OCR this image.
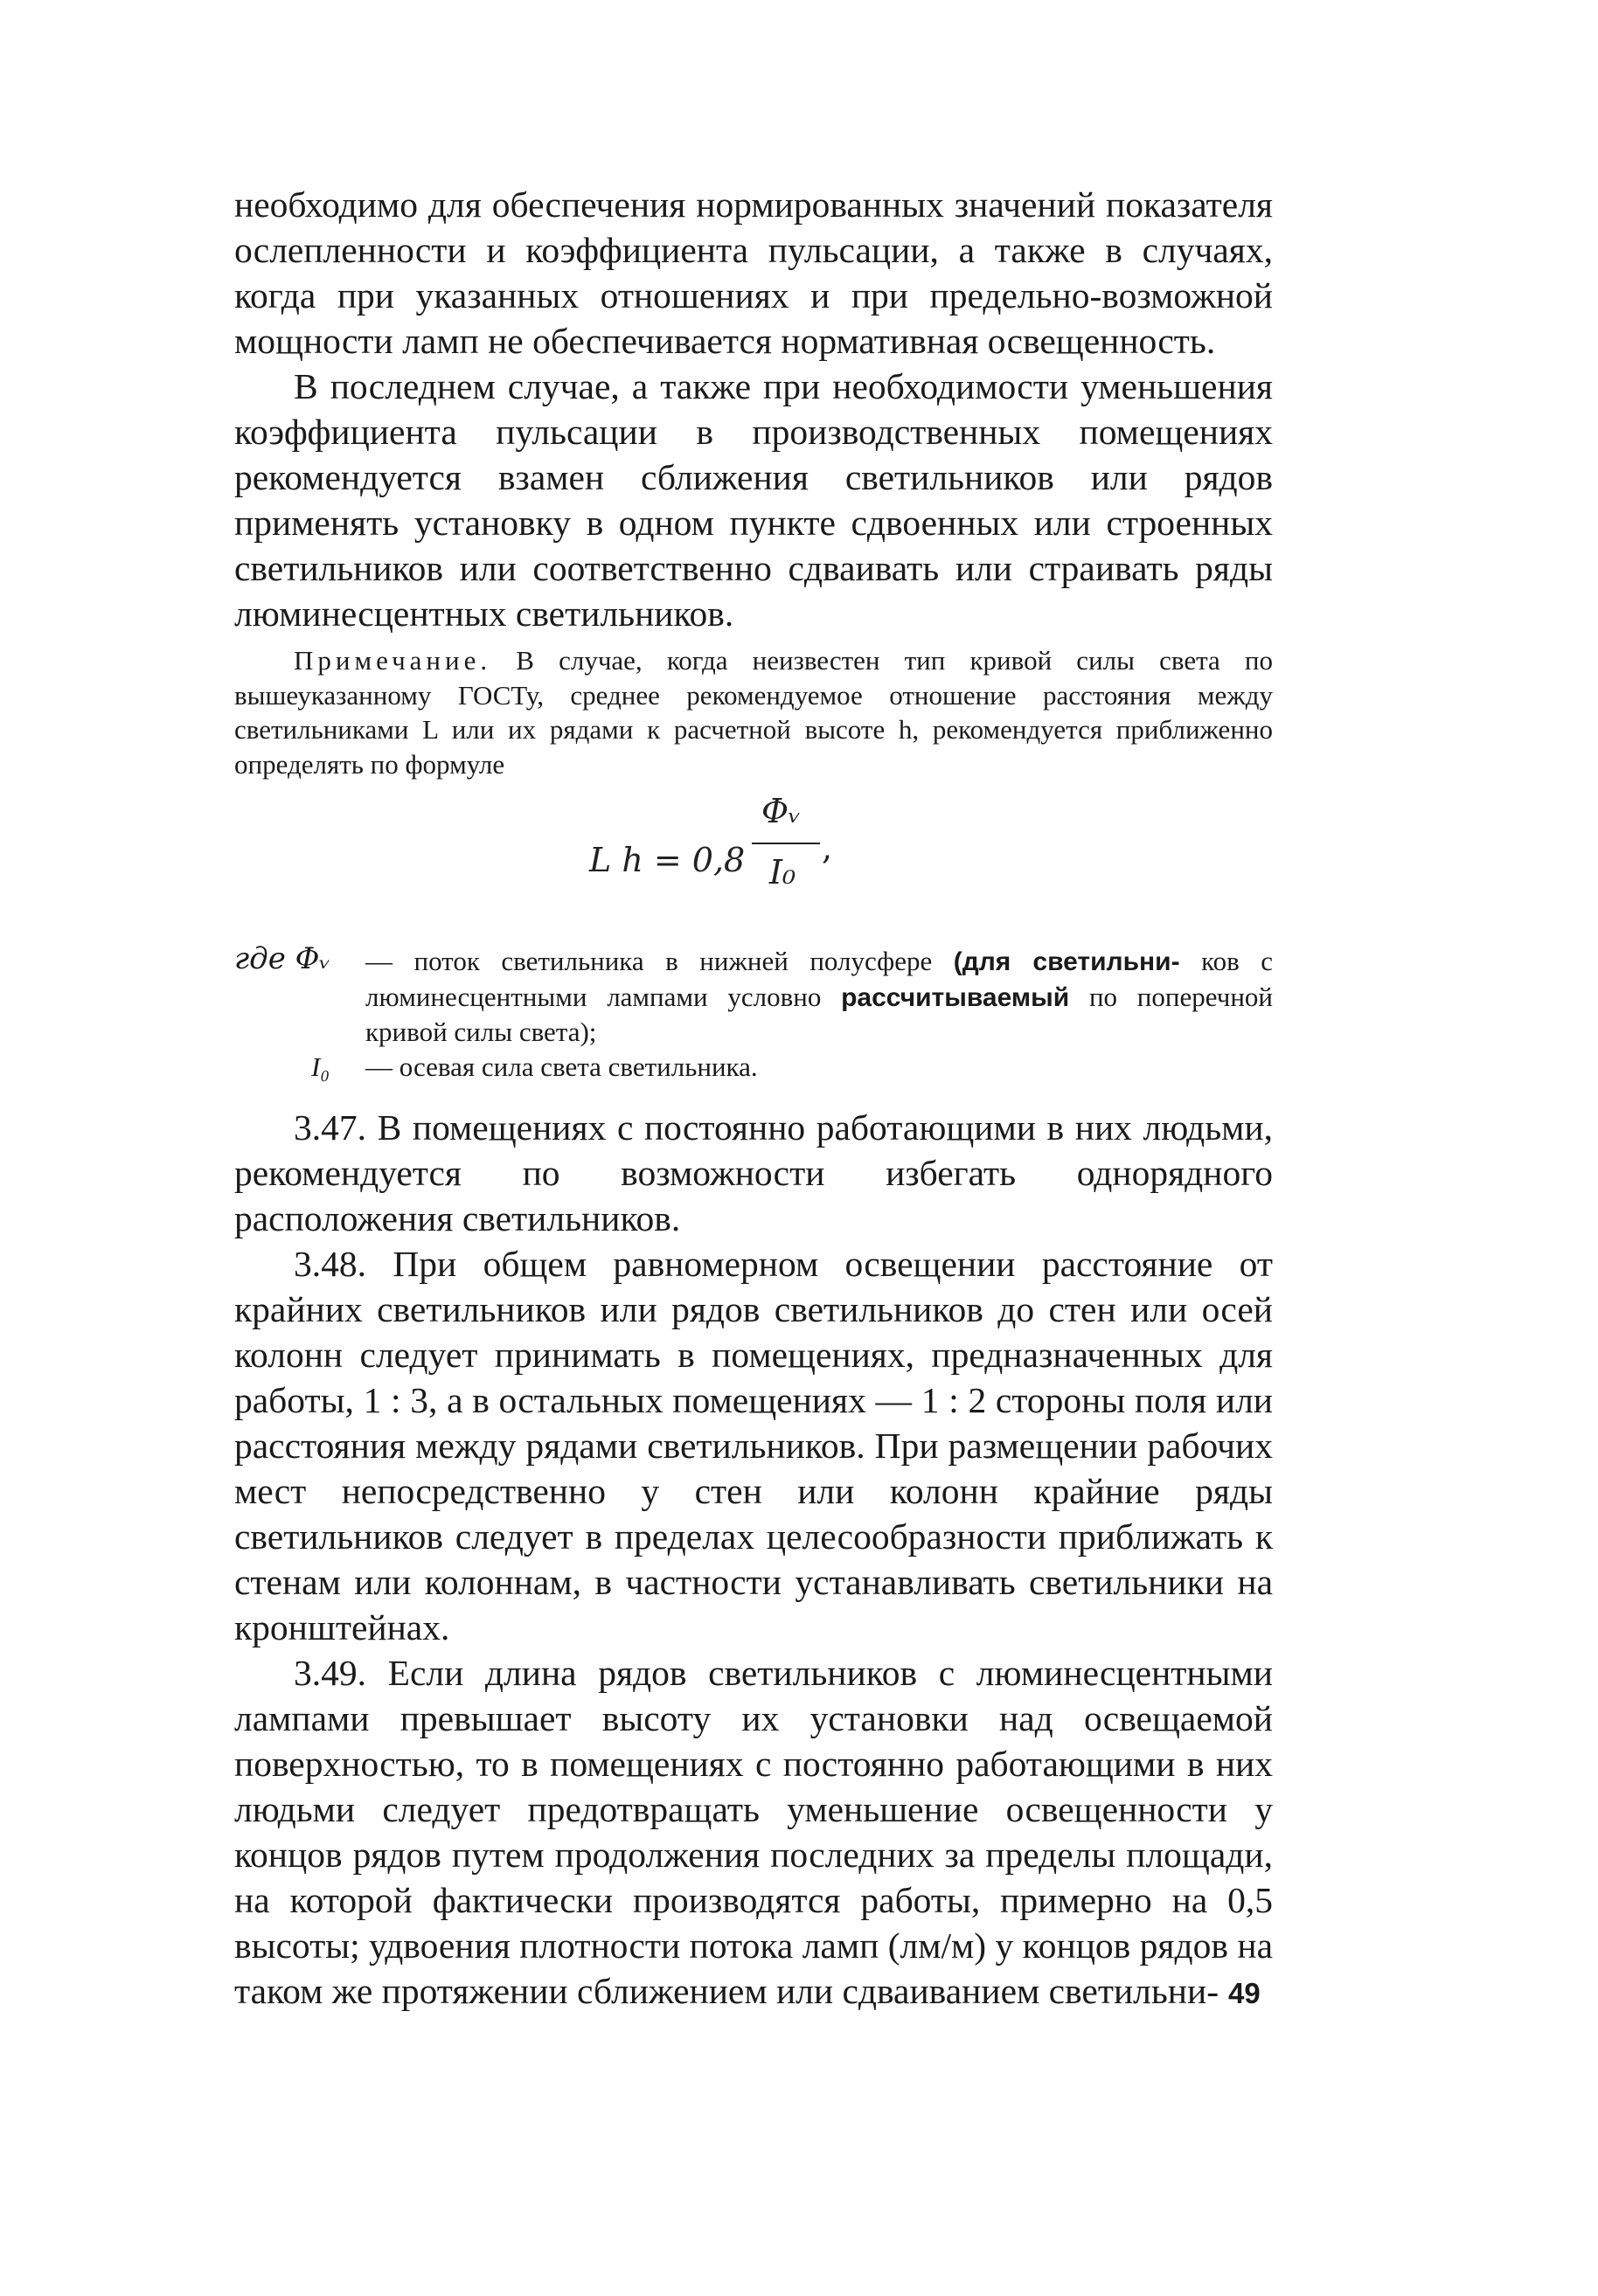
необходимо для обеспечения нормированных значений показателя ослепленности и коэффициента пульсации, а также в случаях, когда при указанных отношениях и при предельно-возможной мощности ламп не обеспечивается нормативная освещенность.

В последнем случае, а также при необходимости уменьшения коэффициента пульсации в производственных помещениях рекомендуется взамен сближения светильников или рядов применять установку в одном пункте сдвоенных или строенных светильников или соответственно сдваивать или страивать ряды люминесцентных светильников.

Примечание. В случае, когда неизвестен тип кривой силы света по вышеуказанному ГОСТу, среднее рекомендуемое отношение расстояния между светильниками L или их рядами к расчетной высоте h, рекомендуется приближенно определять по формуле

L h = 0,8
Φᵥ
I₀
,
где Φᵥ — поток светильника в нижней полусфере (для светильни- ков с люминесцентными лампами условно рассчитываемый по поперечной кривой силы света);
I₀ — осевая сила света светильника.

3.47. В помещениях с постоянно работающими в них людьми, рекомендуется по возможности избегать однорядного расположения светильников.

3.48. При общем равномерном освещении расстояние от крайних светильников или рядов светильников до стен или осей колонн следует принимать в помещениях, предназначенных для работы, 1 : 3, а в остальных помещениях — 1 : 2 стороны поля или расстояния между рядами светильников. При размещении рабочих мест непосредственно у стен или колонн крайние ряды светильников следует в пределах целесообразности приближать к стенам или колоннам, в частности устанавливать светильники на кронштейнах.

3.49. Если длина рядов светильников с люминесцентными лампами превышает высоту их установки над освещаемой поверхностью, то в помещениях с постоянно работающими в них людьми следует предотвращать уменьшение освещенности у концов рядов путем продолжения последних за пределы площади, на которой фактически производятся работы, примерно на 0,5 высоты; удвоения плотности потока ламп (лм/м) у концов рядов на таком же протяжении сближением или сдваиванием светильни- 49
